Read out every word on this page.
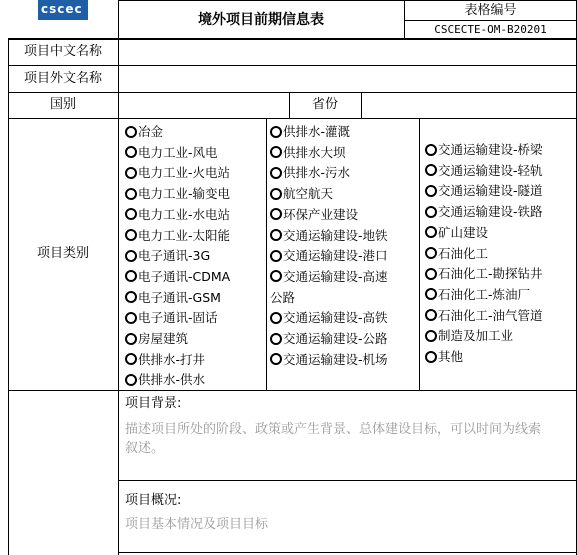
cscec
境外项目前期信息表
表格编号
CSCECTE-OM-B20201
项目中文名称
项目外文名称
国别	省份
项目类别
冶金
电力工业-风电
电力工业-火电站
电力工业-输变电
电力工业-水电站
电力工业-太阳能
电子通讯-3G
电子通讯-CDMA
电子通讯-GSM
电子通讯-固话
房屋建筑
供排水-打井
供排水-供水
供排水-灌溉
供排水大坝
供排水-污水
航空航天
环保产业建设
交通运输建设-地铁
交通运输建设-港口
交通运输建设-高速
公路
交通运输建设-高铁
交通运输建设-公路
交通运输建设-机场
交通运输建设-桥梁
交通运输建设-轻轨
交通运输建设-隧道
交通运输建设-铁路
矿山建设
石油化工
石油化工-勘探钻井
石油化工-炼油厂
石油化工-油气管道
制造及加工业
其他
项目背景:
描述项目所处的阶段、政策或产生背景、总体建设目标，可以时间为线索
叙述。
项目概况:
项目基本情况及项目目标
